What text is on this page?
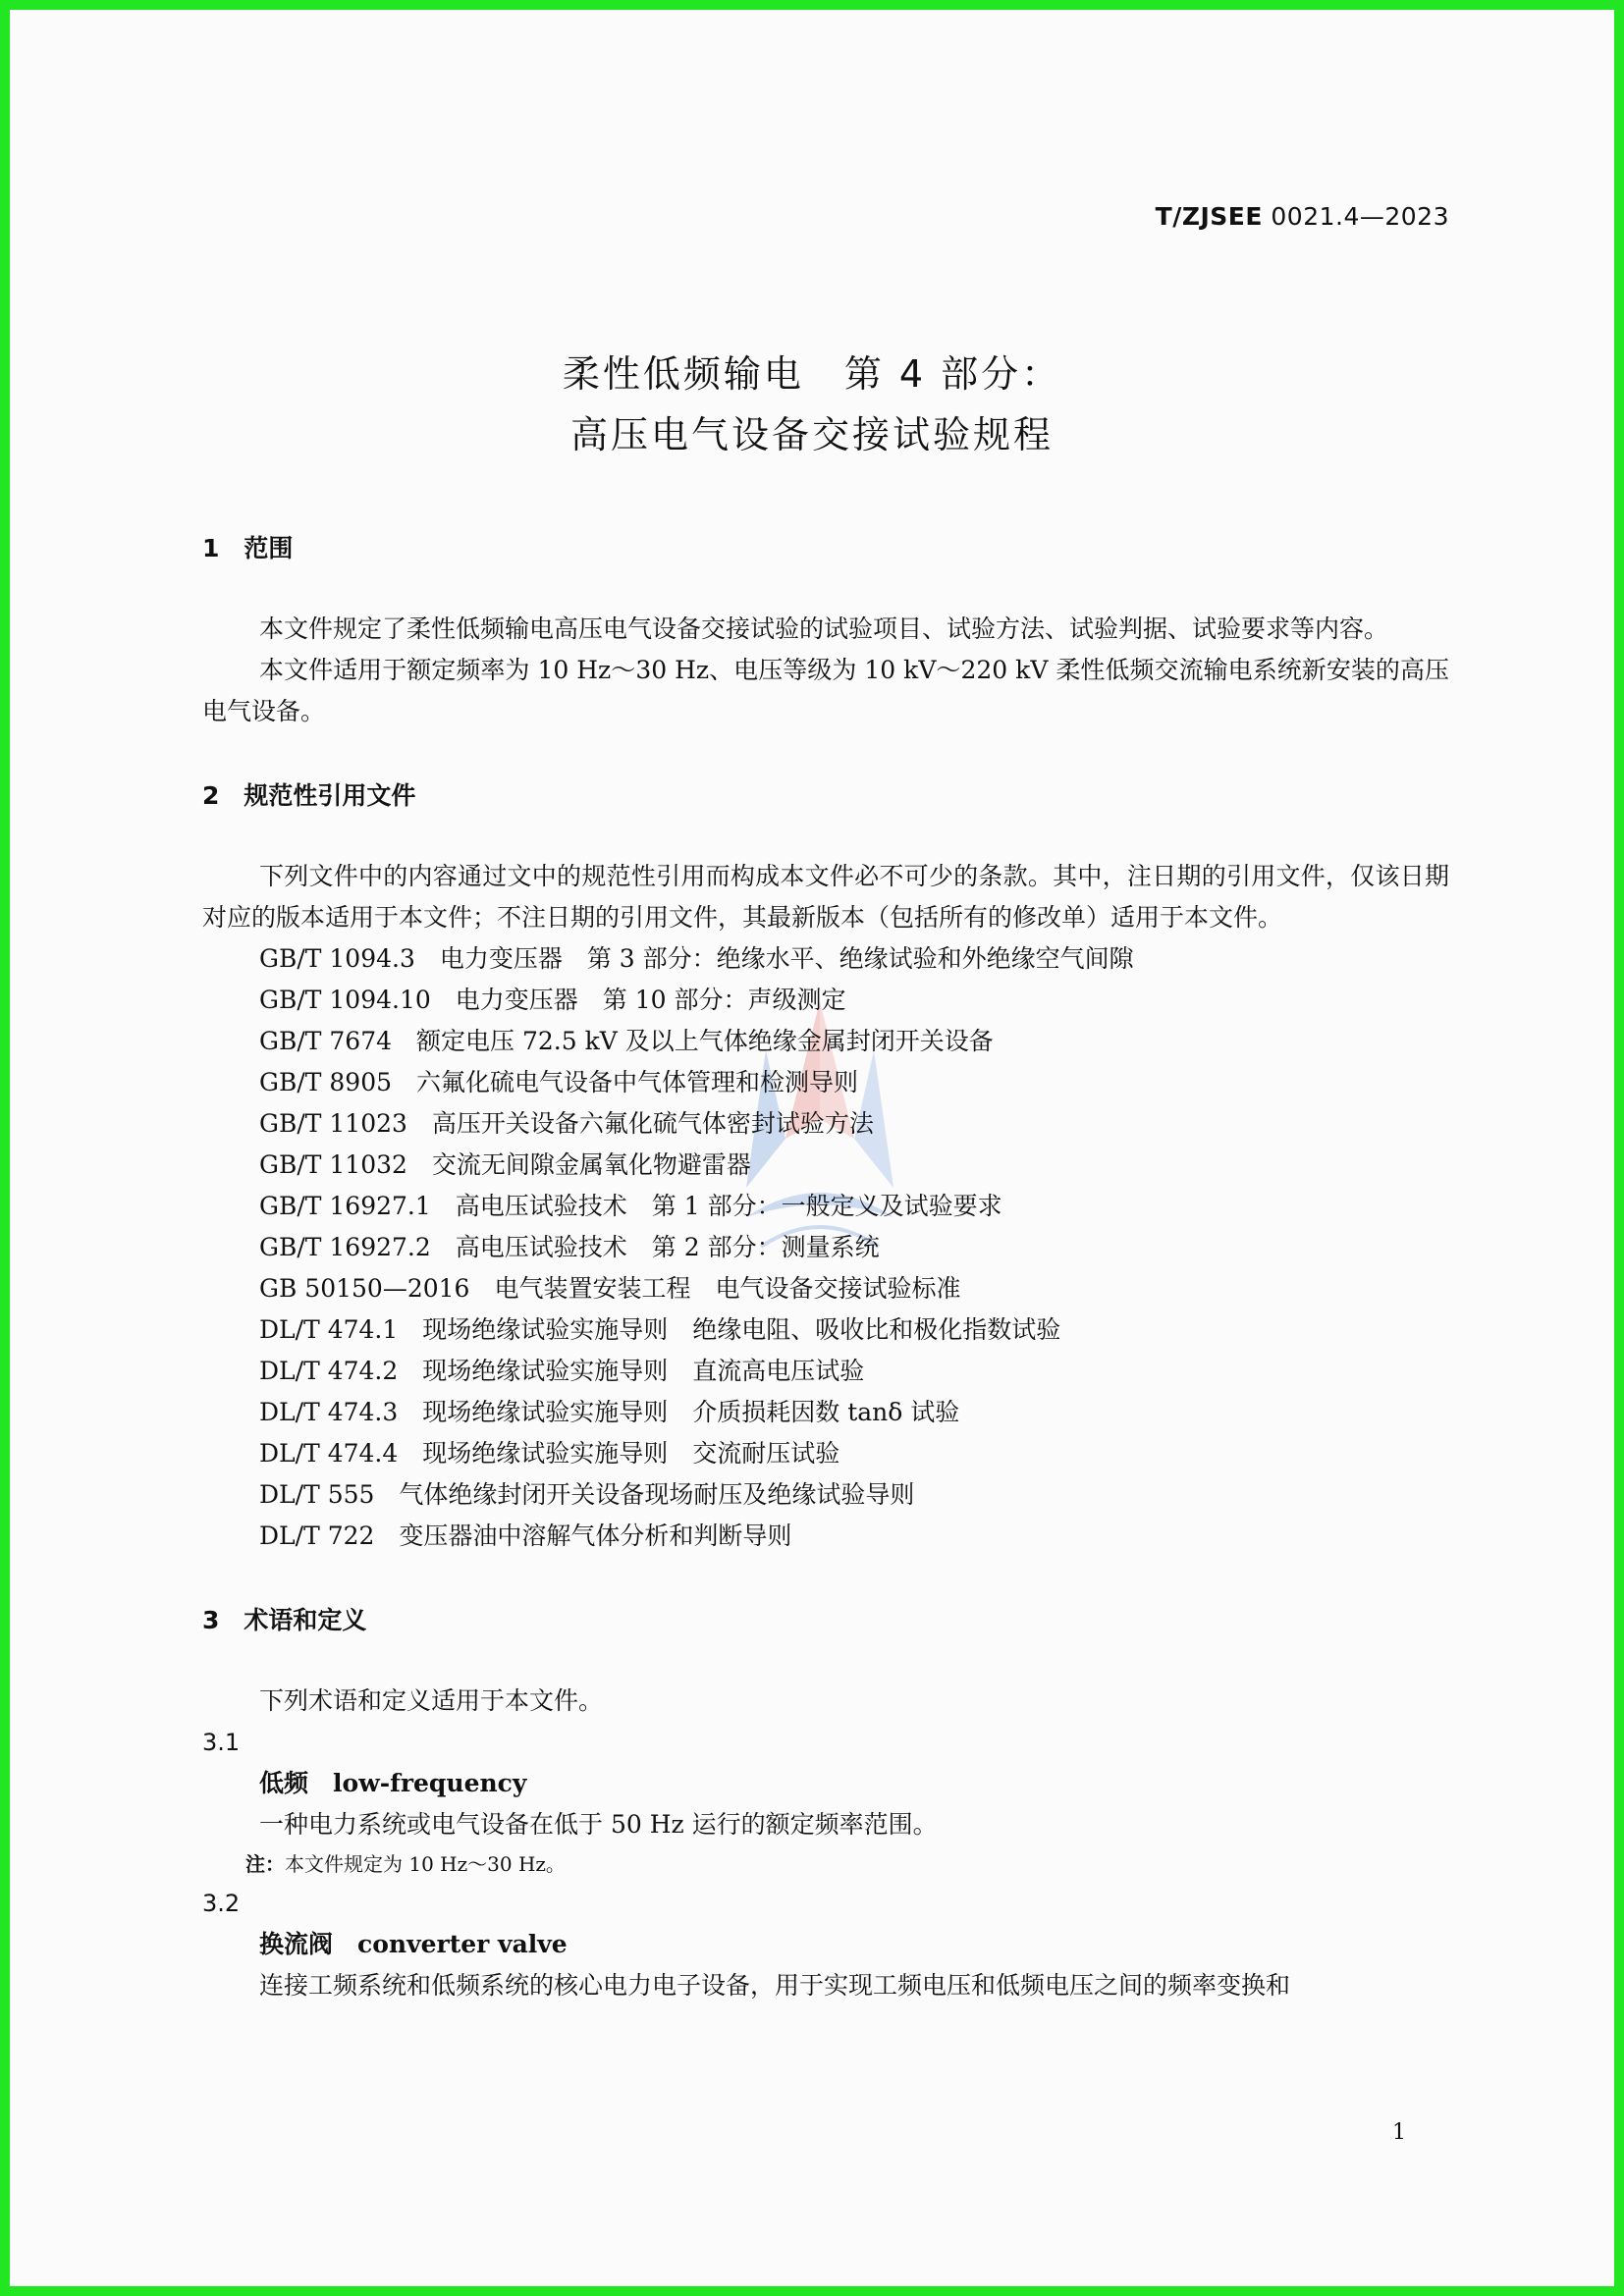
T/ZJSEE 0021.4—2023
柔性低频输电　第 4 部分：
高压电气设备交接试验规程
1　范围
本文件规定了柔性低频输电高压电气设备交接试验的试验项目、试验方法、试验判据、试验要求等内容。
本文件适用于额定频率为 10 Hz～30 Hz、电压等级为 10 kV～220 kV 柔性低频交流输电系统新安装的高压电气设备。
2　规范性引用文件
下列文件中的内容通过文中的规范性引用而构成本文件必不可少的条款。其中，注日期的引用文件，仅该日期对应的版本适用于本文件；不注日期的引用文件，其最新版本（包括所有的修改单）适用于本文件。
GB/T 1094.3　电力变压器　第 3 部分：绝缘水平、绝缘试验和外绝缘空气间隙
GB/T 1094.10　电力变压器　第 10 部分：声级测定
GB/T 7674　额定电压 72.5 kV 及以上气体绝缘金属封闭开关设备
GB/T 8905　六氟化硫电气设备中气体管理和检测导则
GB/T 11023　高压开关设备六氟化硫气体密封试验方法
GB/T 11032　交流无间隙金属氧化物避雷器
GB/T 16927.1　高电压试验技术　第 1 部分：一般定义及试验要求
GB/T 16927.2　高电压试验技术　第 2 部分：测量系统
GB 50150—2016　电气装置安装工程　电气设备交接试验标准
DL/T 474.1　现场绝缘试验实施导则　绝缘电阻、吸收比和极化指数试验
DL/T 474.2　现场绝缘试验实施导则　直流高电压试验
DL/T 474.3　现场绝缘试验实施导则　介质损耗因数 tanδ 试验
DL/T 474.4　现场绝缘试验实施导则　交流耐压试验
DL/T 555　气体绝缘封闭开关设备现场耐压及绝缘试验导则
DL/T 722　变压器油中溶解气体分析和判断导则
3　术语和定义
下列术语和定义适用于本文件。
3.1
低频　 low-frequency
一种电力系统或电气设备在低于 50 Hz 运行的额定频率范围。
注：本文件规定为 10 Hz～30 Hz。
3.2
换流阀　 converter valve
连接工频系统和低频系统的核心电力电子设备，用于实现工频电压和低频电压之间的频率变换和
1
